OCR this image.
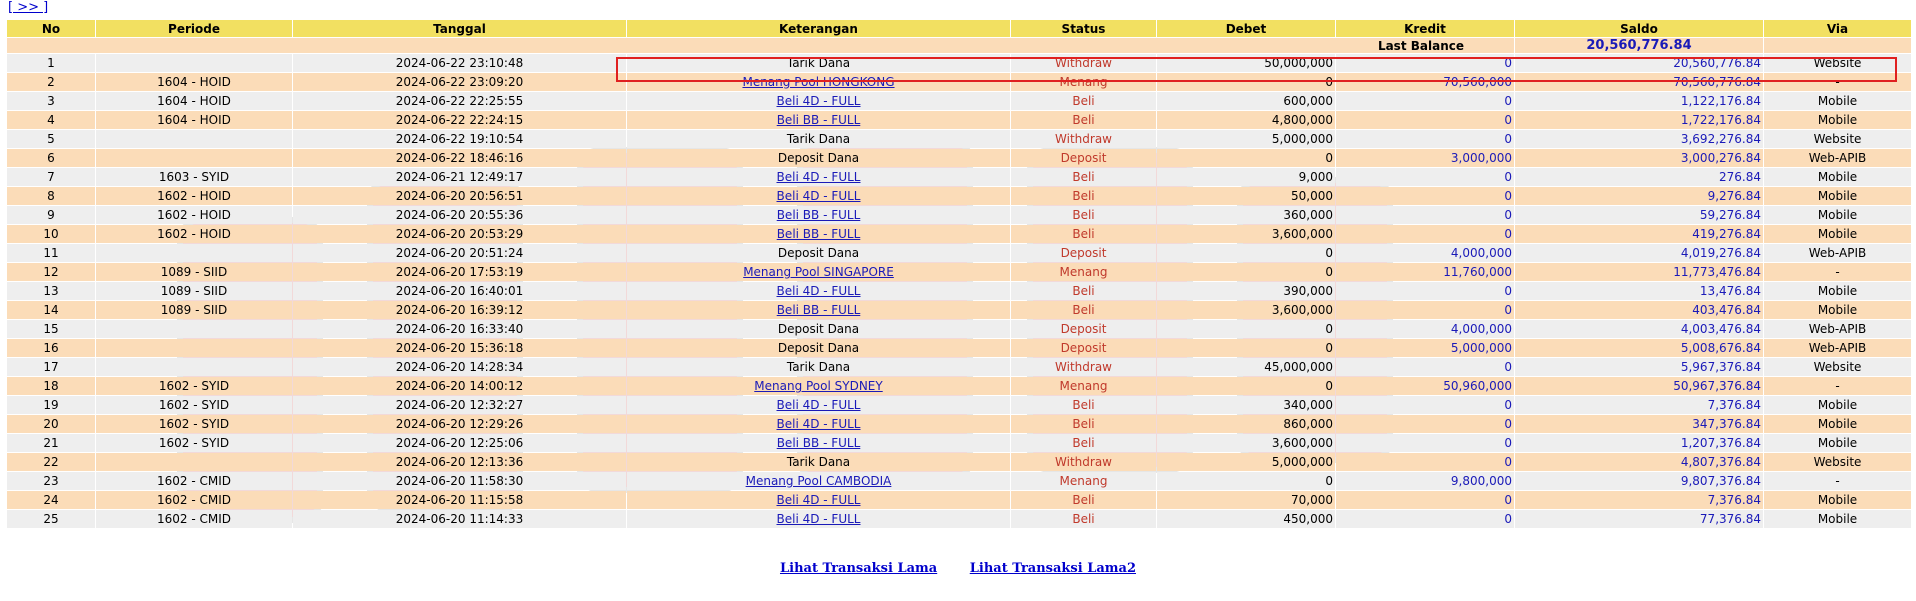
[ >> ]
No	Periode	Tanggal	Keterangan	Status	Debet	Kredit	Saldo	Via
Last Balance							20,560,776.84	
1		2024-06-22 23:10:48	Tarik Dana	Withdraw	50,000,000	0	20,560,776.84	Website
2	1604 - HOID	2024-06-22 23:09:20	Menang Pool HONGKONG	Menang	0	70,560,000	70,560,776.84	-
3	1604 - HOID	2024-06-22 22:25:55	Beli 4D - FULL	Beli	600,000	0	1,122,176.84	Mobile
4	1604 - HOID	2024-06-22 22:24:15	Beli BB - FULL	Beli	4,800,000	0	1,722,176.84	Mobile
5		2024-06-22 19:10:54	Tarik Dana	Withdraw	5,000,000	0	3,692,276.84	Website
6		2024-06-22 18:46:16	Deposit Dana	Deposit	0	3,000,000	3,000,276.84	Web-APIB
7	1603 - SYID	2024-06-21 12:49:17	Beli 4D - FULL	Beli	9,000	0	276.84	Mobile
8	1602 - HOID	2024-06-20 20:56:51	Beli 4D - FULL	Beli	50,000	0	9,276.84	Mobile
9	1602 - HOID	2024-06-20 20:55:36	Beli BB - FULL	Beli	360,000	0	59,276.84	Mobile
10	1602 - HOID	2024-06-20 20:53:29	Beli BB - FULL	Beli	3,600,000	0	419,276.84	Mobile
11		2024-06-20 20:51:24	Deposit Dana	Deposit	0	4,000,000	4,019,276.84	Web-APIB
12	1089 - SIID	2024-06-20 17:53:19	Menang Pool SINGAPORE	Menang	0	11,760,000	11,773,476.84	-
13	1089 - SIID	2024-06-20 16:40:01	Beli 4D - FULL	Beli	390,000	0	13,476.84	Mobile
14	1089 - SIID	2024-06-20 16:39:12	Beli BB - FULL	Beli	3,600,000	0	403,476.84	Mobile
15		2024-06-20 16:33:40	Deposit Dana	Deposit	0	4,000,000	4,003,476.84	Web-APIB
16		2024-06-20 15:36:18	Deposit Dana	Deposit	0	5,000,000	5,008,676.84	Web-APIB
17		2024-06-20 14:28:34	Tarik Dana	Withdraw	45,000,000	0	5,967,376.84	Website
18	1602 - SYID	2024-06-20 14:00:12	Menang Pool SYDNEY	Menang	0	50,960,000	50,967,376.84	-
19	1602 - SYID	2024-06-20 12:32:27	Beli 4D - FULL	Beli	340,000	0	7,376.84	Mobile
20	1602 - SYID	2024-06-20 12:29:26	Beli 4D - FULL	Beli	860,000	0	347,376.84	Mobile
21	1602 - SYID	2024-06-20 12:25:06	Beli BB - FULL	Beli	3,600,000	0	1,207,376.84	Mobile
22		2024-06-20 12:13:36	Tarik Dana	Withdraw	5,000,000	0	4,807,376.84	Website
23	1602 - CMID	2024-06-20 11:58:30	Menang Pool CAMBODIA	Menang	0	9,800,000	9,807,376.84	-
24	1602 - CMID	2024-06-20 11:15:58	Beli 4D - FULL	Beli	70,000	0	7,376.84	Mobile
25	1602 - CMID	2024-06-20 11:14:33	Beli 4D - FULL	Beli	450,000	0	77,376.84	Mobile
Lihat Transaksi Lama	Lihat Transaksi Lama2
